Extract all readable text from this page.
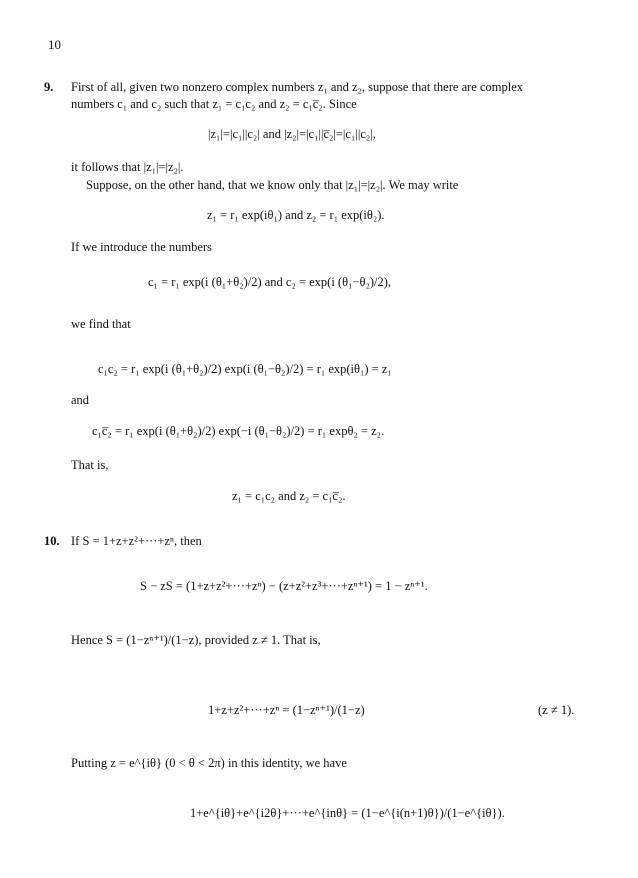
10
9. First of all, given two nonzero complex numbers z₁ and z₂, suppose that there are complex
numbers c₁ and c₂ such that z₁ = c₁c₂ and z₂ = c₁c̅₂. Since
|z₁|=|c₁||c₂| and |z₂|=|c₁||c̅₂|=|c₁||c₂|,
it follows that |z₁|=|z₂|.
Suppose, on the other hand, that we know only that |z₁|=|z₂|. We may write
z₁ = r₁ exp(iθ₁) and z₂ = r₁ exp(iθ₂).
If we introduce the numbers
c₁ = r₁ exp(i (θ₁+θ₂)/2) and c₂ = exp(i (θ₁−θ₂)/2),
we find that
c₁c₂ = r₁ exp(i (θ₁+θ₂)/2) exp(i (θ₁−θ₂)/2) = r₁ exp(iθ₁) = z₁
and
c₁c̅₂ = r₁ exp(i (θ₁+θ₂)/2) exp(−i (θ₁−θ₂)/2) = r₁ expθ₂ = z₂.
That is,
z₁ = c₁c₂ and z₂ = c₁c̅₂.
10. If S = 1+z+z²+···+zⁿ, then
S − zS = (1+z+z²+···+zⁿ) − (z+z²+z³+···+zⁿ⁺¹) = 1 − zⁿ⁺¹.
Hence S = (1−zⁿ⁺¹)/(1−z), provided z ≠ 1. That is,
1+z+z²+···+zⁿ = (1−zⁿ⁺¹)/(1−z)	(z ≠ 1).
Putting z = e^{iθ} (0 < θ < 2π) in this identity, we have
1+e^{iθ}+e^{i2θ}+···+e^{inθ} = (1−e^{i(n+1)θ})/(1−e^{iθ}).
